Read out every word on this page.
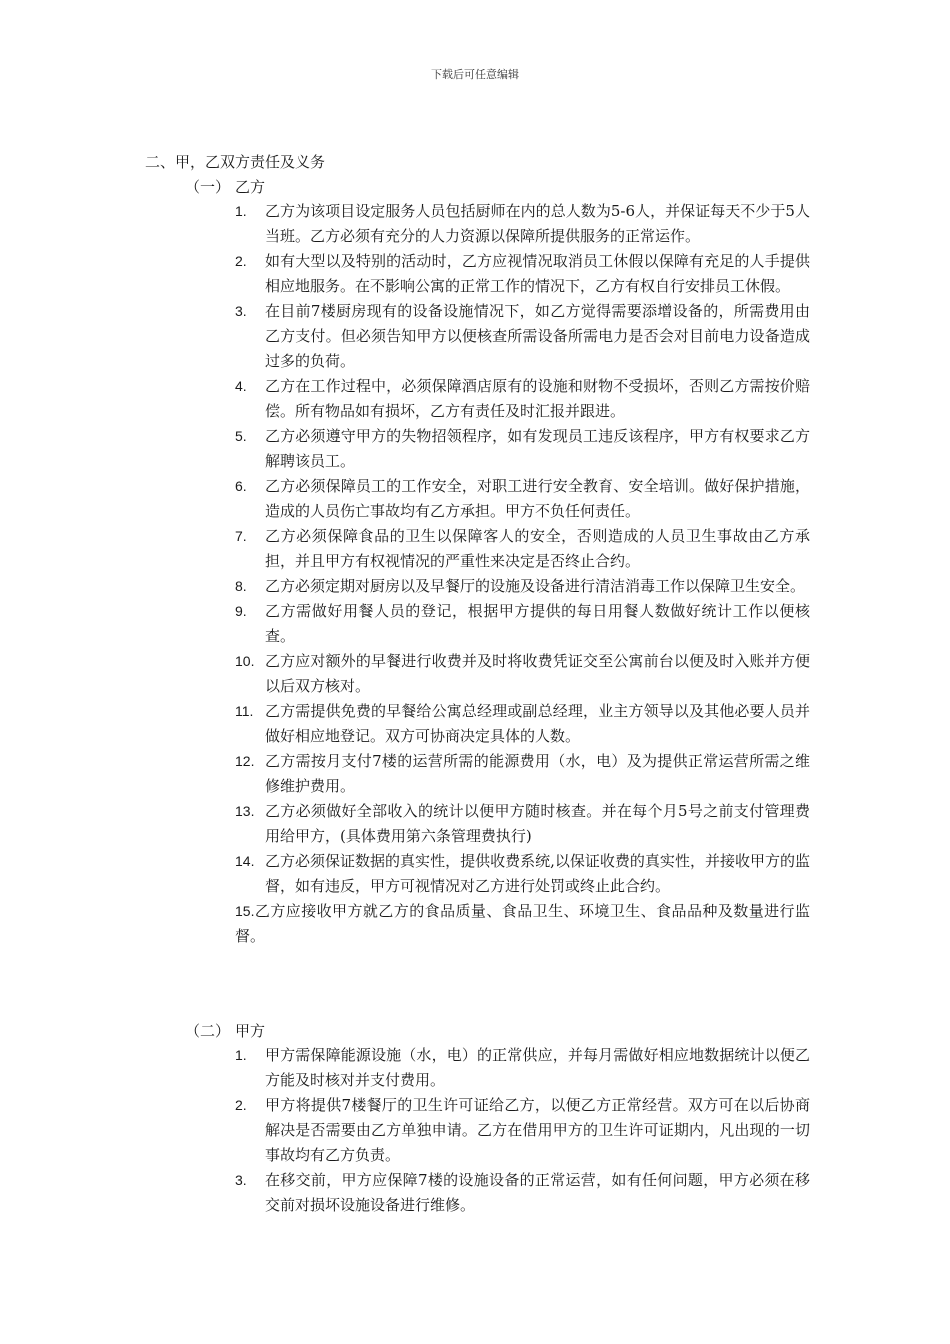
下载后可任意编辑
二、甲，乙双方责任及义务
（一） 乙方
1. 乙方为该项目设定服务人员包括厨师在内的总人数为5-6人，并保证每天不少于5人当班。乙方必须有充分的人力资源以保障所提供服务的正常运作。
2. 如有大型以及特别的活动时，乙方应视情况取消员工休假以保障有充足的人手提供相应地服务。在不影响公寓的正常工作的情况下，乙方有权自行安排员工休假。
3. 在目前7楼厨房现有的设备设施情况下，如乙方觉得需要添增设备的，所需费用由乙方支付。但必须告知甲方以便核查所需设备所需电力是否会对目前电力设备造成过多的负荷。
4. 乙方在工作过程中，必须保障酒店原有的设施和财物不受损坏，否则乙方需按价赔偿。所有物品如有损坏，乙方有责任及时汇报并跟进。
5. 乙方必须遵守甲方的失物招领程序，如有发现员工违反该程序，甲方有权要求乙方解聘该员工。
6. 乙方必须保障员工的工作安全，对职工进行安全教育、安全培训。做好保护措施，造成的人员伤亡事故均有乙方承担。甲方不负任何责任。
7. 乙方必须保障食品的卫生以保障客人的安全，否则造成的人员卫生事故由乙方承担，并且甲方有权视情况的严重性来决定是否终止合约。
8. 乙方必须定期对厨房以及早餐厅的设施及设备进行清洁消毒工作以保障卫生安全。
9. 乙方需做好用餐人员的登记，根据甲方提供的每日用餐人数做好统计工作以便核查。
10. 乙方应对额外的早餐进行收费并及时将收费凭证交至公寓前台以便及时入账并方便以后双方核对。
11. 乙方需提供免费的早餐给公寓总经理或副总经理，业主方领导以及其他必要人员并做好相应地登记。双方可协商决定具体的人数。
12. 乙方需按月支付7楼的运营所需的能源费用（水，电）及为提供正常运营所需之维修维护费用。
13. 乙方必须做好全部收入的统计以便甲方随时核查。并在每个月5号之前支付管理费用给甲方，(具体费用第六条管理费执行)
14. 乙方必须保证数据的真实性，提供收费系统,以保证收费的真实性，并接收甲方的监督，如有违反，甲方可视情况对乙方进行处罚或终止此合约。
15.乙方应接收甲方就乙方的食品质量、食品卫生、环境卫生、食品品种及数量进行监督。
（二） 甲方
1. 甲方需保障能源设施（水，电）的正常供应，并每月需做好相应地数据统计以便乙方能及时核对并支付费用。
2. 甲方将提供7楼餐厅的卫生许可证给乙方，以便乙方正常经营。双方可在以后协商解决是否需要由乙方单独申请。乙方在借用甲方的卫生许可证期内，凡出现的一切事故均有乙方负责。
3. 在移交前，甲方应保障7楼的设施设备的正常运营，如有任何问题，甲方必须在移交前对损坏设施设备进行维修。
